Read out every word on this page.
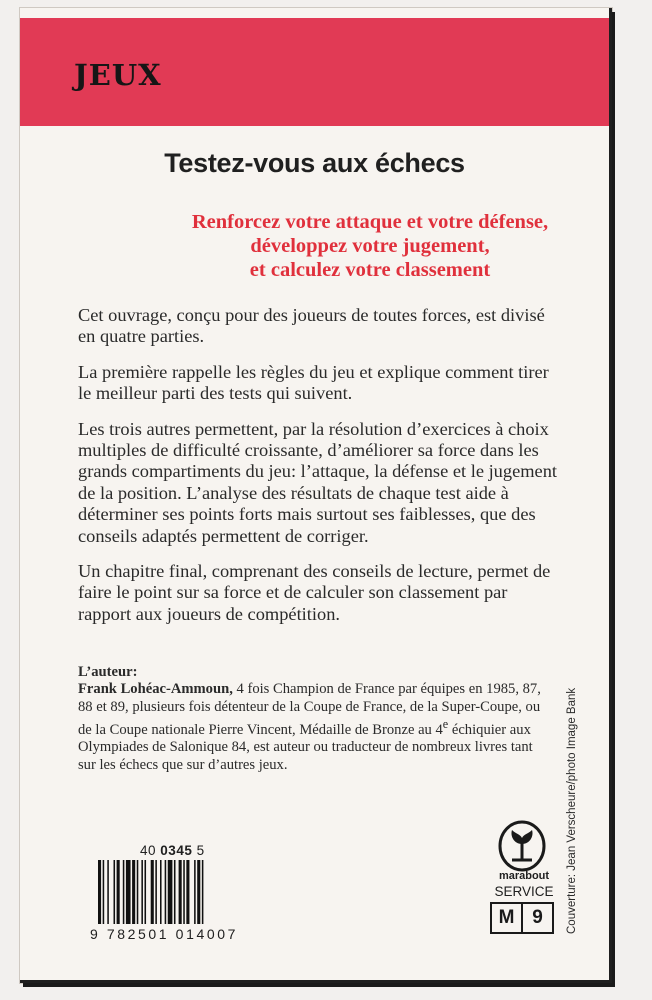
JEUX
Testez-vous aux échecs
Renforcez votre attaque et votre défense,
développez votre jugement,
et calculez votre classement

Cet ouvrage, conçu pour des joueurs de toutes forces, est divisé en quatre parties.

La première rappelle les règles du jeu et explique comment tirer le meilleur parti des tests qui suivent.

Les trois autres permettent, par la résolution d’exercices à choix multiples de difficulté croissante, d’améliorer sa force dans les grands compartiments du jeu: l’attaque, la défense et le jugement de la position. L’analyse des résultats de chaque test aide à déterminer ses points forts mais surtout ses faiblesses, que des conseils adaptés permettent de corriger.

Un chapitre final, comprenant des conseils de lecture, permet de faire le point sur sa force et de calculer son classement par rapport aux joueurs de compétition.

L’auteur:
Frank Lohéac-Ammoun, 4 fois Champion de France par équipes en 1985, 87, 88 et 89, plusieurs fois détenteur de la Coupe de France, de la Super-Coupe, ou de la Coupe nationale Pierre Vincent, Médaille de Bronze au 4e échiquier aux Olympiades de Salonique 84, est auteur ou traducteur de nombreux livres tant sur les échecs que sur d’autres jeux.
40 0345 5
9 782501 014007
marabout
SERVICE
M 9	Couverture: Jean Verscheure/photo Image Bank
